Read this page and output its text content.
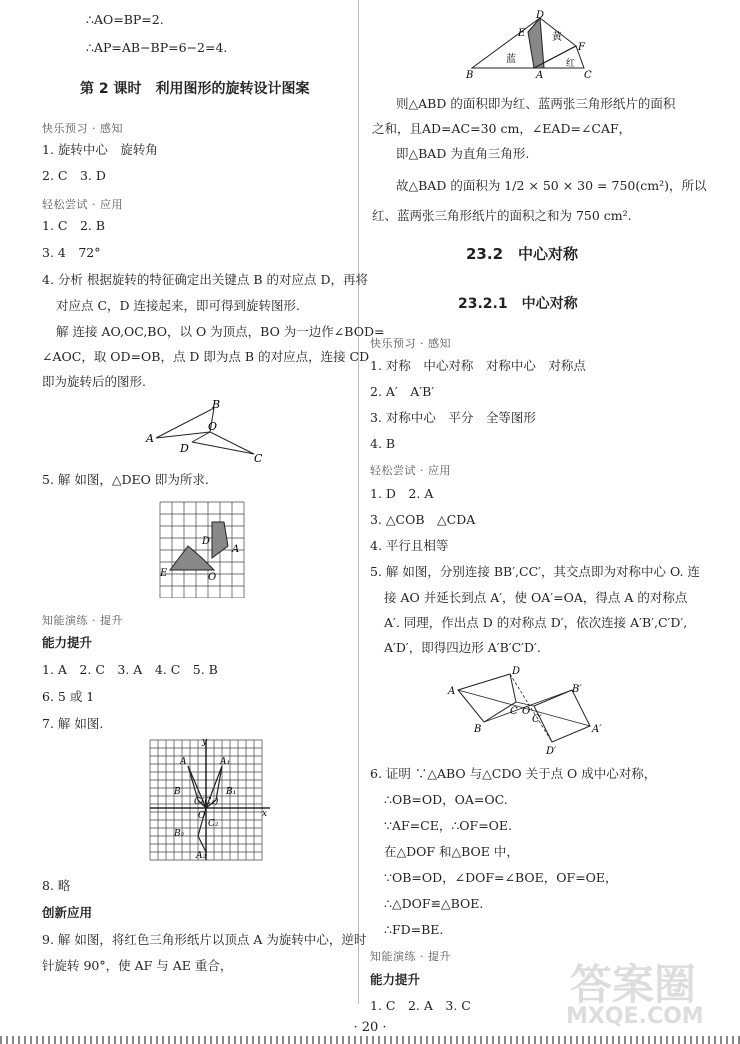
∴AO=BP=2.
∴AP=AB−BP=6−2=4.
第 2 课时　利用图形的旋转设计图案
快乐预习 · 感知
1. 旋转中心　旋转角
2. C　3. D
轻松尝试 · 应用
1. C　2. B
3. 4　72°
4. 分析 根据旋转的特征确定出关键点 B 的对应点 D，再将
对应点 C，D 连接起来，即可得到旋转图形.
解 连接 AO,OC,BO，以 O 为顶点，BO 为一边作∠BOD=
∠AOC，取 OD=OB，点 D 即为点 B 的对应点，连接 CD
即为旋转后的图形.
A
B
O
D
C
5. 解 如图，△DEO 即为所求.
D
A
E	O
知能演练 · 提升
能力提升
1. A　2. C　3. A　4. C　5. B
6. 5 或 1
7. 解 如图.
y
x
A	A₁
B	B₁
C(C₁)
O
C₂
B₂
A₂
8. 略
创新应用
9. 解 如图，将红色三角形纸片以顶点 A 为旋转中心，逆时
针旋转 90°，使 AF 与 AE 重合，
D
E
F
B	A	C
蓝
黄
红
则△ABD 的面积即为红、蓝两张三角形纸片的面积
之和，且AD=AC=30 cm，∠EAD=∠CAF，
即△BAD 为直角三角形.
故△BAD 的面积为 1/2 × 50 × 30 = 750(cm²)，所以
红、蓝两张三角形纸片的面积之和为 750 cm².
23.2　中心对称
23.2.1　中心对称
快乐预习 · 感知
1. 对称　中心对称　对称中心　对称点
2. A′　A′B′
3. 对称中心　平分　全等图形
4. B
轻松尝试 · 应用
1. D　2. A
3. △COB　△CDA
4. 平行且相等
5. 解 如图，分别连接 BB′,CC′，其交点即为对称中心 O. 连
接 AO 并延长到点 A′，使 OA′=OA，得点 A 的对称点
A′. 同理，作出点 D 的对称点 D′，依次连接 A′B′,C′D′,
A′D′，即得四边形 A′B′C′D′.
D
B′
A
C O
C′
B	A′
D′
6. 证明 ∵△ABO 与△CDO 关于点 O 成中心对称，
∴OB=OD，OA=OC.
∵AF=CE，∴OF=OE.
在△DOF 和△BOE 中，
∵OB=OD，∠DOF=∠BOE，OF=OE，
∴△DOF≌△BOE.
∴FD=BE.
知能演练 · 提升
能力提升
1. C　2. A　3. C 答案圈
MXQE.COM
· 20 ·
